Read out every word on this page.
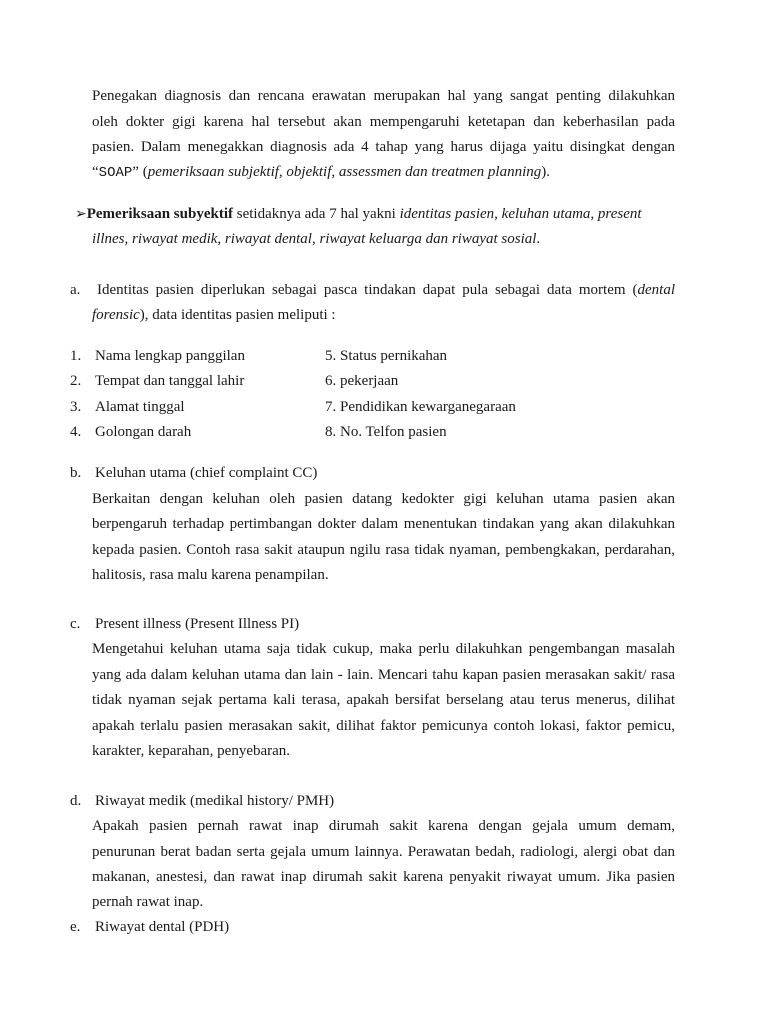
Penegakan diagnosis dan rencana erawatan merupakan hal yang sangat penting dilakuhkan
oleh dokter gigi karena hal tersebut akan mempengaruhi ketetapan dan keberhasilan pada
pasien. Dalam menegakkan diagnosis ada 4 tahap yang harus dijaga yaitu disingkat dengan
“SOAP” (pemeriksaan subjektif, objektif, assessmen dan treatmen planning).
➢Pemeriksaan subyektif setidaknya ada 7 hal yakni identitas pasien, keluhan utama, present
illnes, riwayat medik, riwayat dental, riwayat keluarga dan riwayat sosial.
a. Identitas pasien diperlukan sebagai pasca tindakan dapat pula sebagai data mortem (dental
forensic), data identitas pasien meliputi :
1. Nama lengkap panggilan	5. Status pernikahan
2. Tempat dan tanggal lahir	6. pekerjaan
3. Alamat tinggal	7. Pendidikan kewarganegaraan
4. Golongan darah	8. No. Telfon pasien
b. Keluhan utama (chief complaint CC)
Berkaitan dengan keluhan oleh pasien datang kedokter gigi keluhan utama pasien akan
berpengaruh terhadap pertimbangan dokter dalam menentukan tindakan yang akan dilakuhkan
kepada pasien. Contoh rasa sakit ataupun ngilu rasa tidak nyaman, pembengkakan, perdarahan,
halitosis, rasa malu karena penampilan.
c. Present illness (Present Illness PI)
Mengetahui keluhan utama saja tidak cukup, maka perlu dilakuhkan pengembangan masalah
yang ada dalam keluhan utama dan lain - lain. Mencari tahu kapan pasien merasakan sakit/ rasa
tidak nyaman sejak pertama kali terasa, apakah bersifat berselang atau terus menerus, dilihat
apakah terlalu pasien merasakan sakit, dilihat faktor pemicunya contoh lokasi, faktor pemicu,
karakter, keparahan, penyebaran.
d. Riwayat medik (medikal history/ PMH)
Apakah pasien pernah rawat inap dirumah sakit karena dengan gejala umum demam,
penurunan berat badan serta gejala umum lainnya. Perawatan bedah, radiologi, alergi obat dan
makanan, anestesi, dan rawat inap dirumah sakit karena penyakit riwayat umum. Jika pasien
pernah rawat inap.
e. Riwayat dental (PDH)
